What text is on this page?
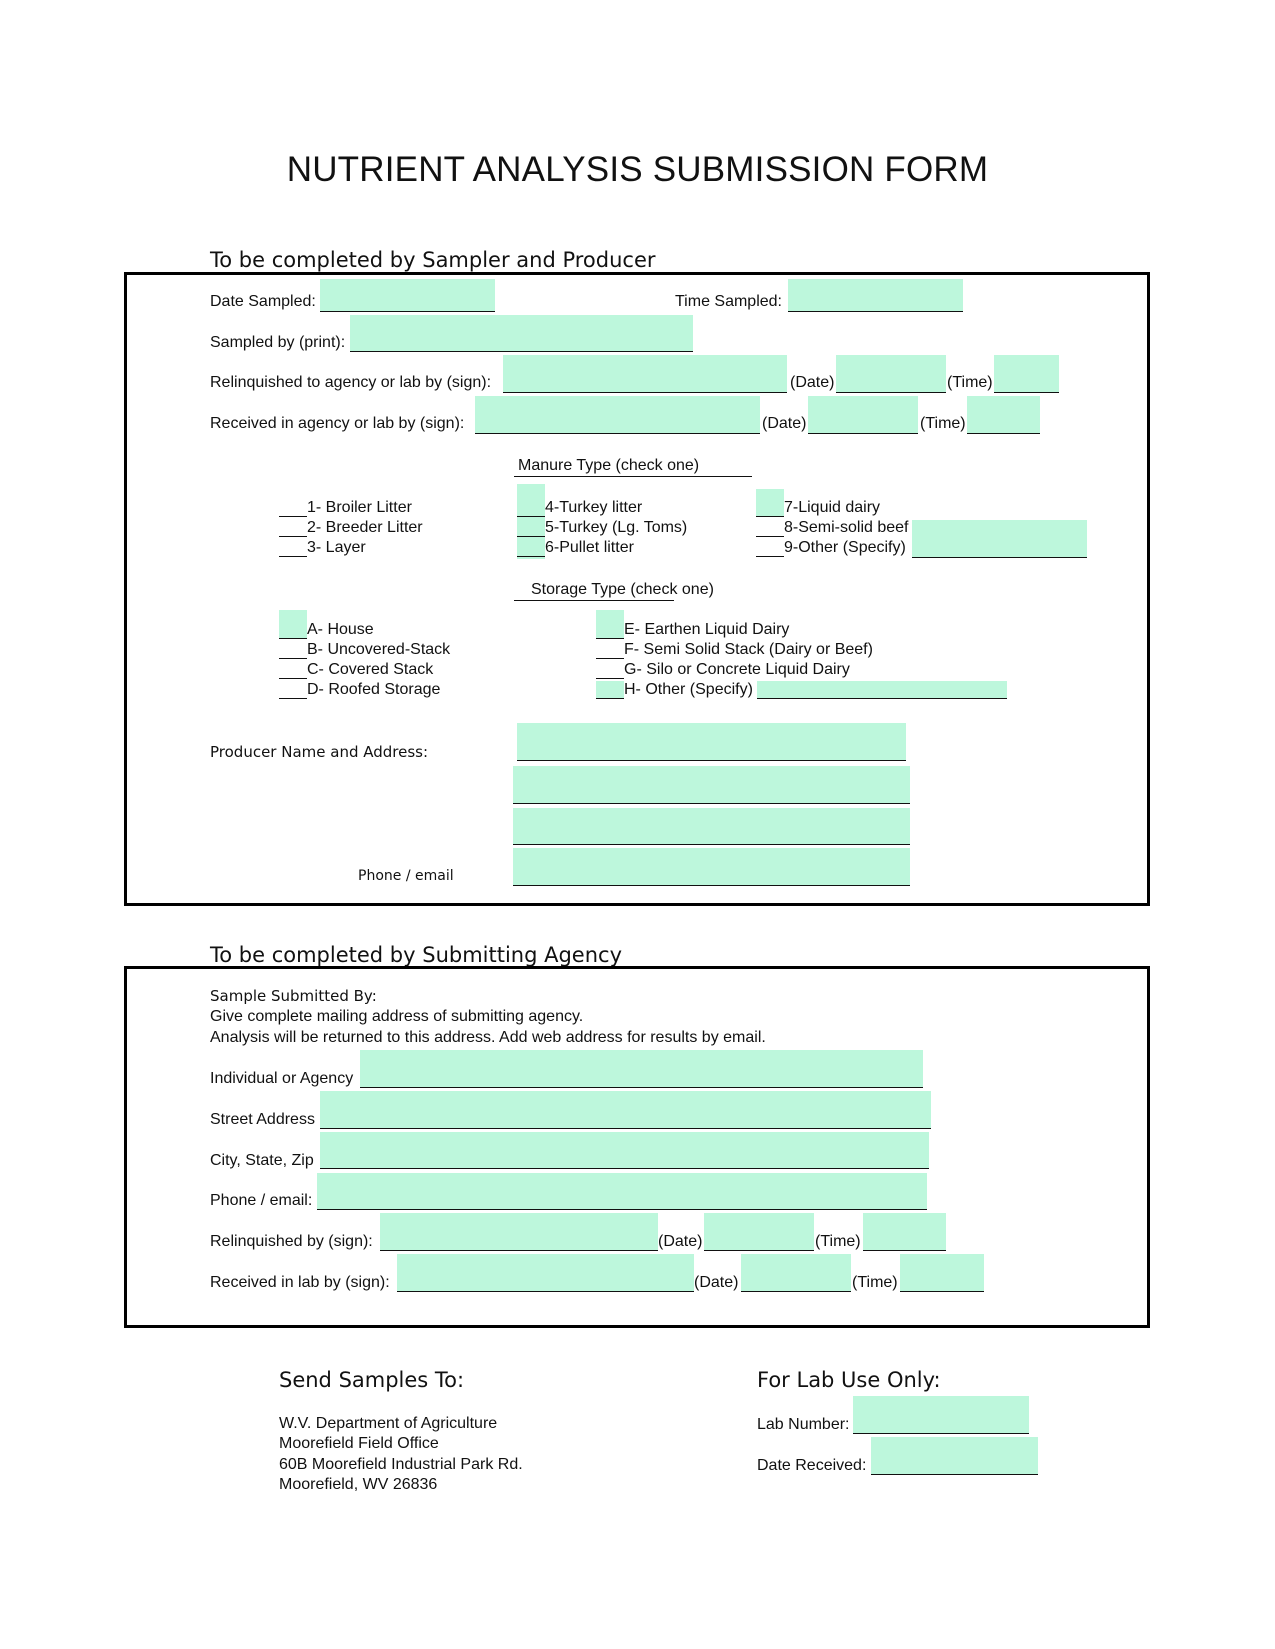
NUTRIENT ANALYSIS SUBMISSION FORM
To be completed by Sampler and Producer
Date Sampled:	Time Sampled:
Sampled by (print):
Relinquished to agency or lab by (sign):	(Date)	(Time)
Received in agency or lab by (sign):	(Date)	(Time)
Manure Type (check one)
1- Broiler Litter
2- Breeder Litter
3- Layer
4-Turkey litter
5-Turkey (Lg. Toms)
6-Pullet litter
7-Liquid dairy
8-Semi-solid beef
9-Other (Specify)
Storage Type (check one)
A- House
B- Uncovered-Stack
C- Covered Stack
D- Roofed Storage
E- Earthen Liquid Dairy
F- Semi Solid Stack (Dairy or Beef)
G- Silo or Concrete Liquid Dairy
H- Other (Specify)
Producer Name and Address:
Phone / email
To be completed by Submitting Agency
Sample Submitted By:
Give complete mailing address of submitting agency.
Analysis will be returned to this address. Add web address for results by email.
Individual or Agency
Street Address
City, State, Zip
Phone / email:
Relinquished by (sign):	(Date)	(Time)
Received in lab by (sign):	(Date)	(Time)
Send Samples To:
W.V. Department of Agriculture
Moorefield Field Office
60B Moorefield Industrial Park Rd.
Moorefield, WV 26836
For Lab Use Only:
Lab Number:
Date Received:
